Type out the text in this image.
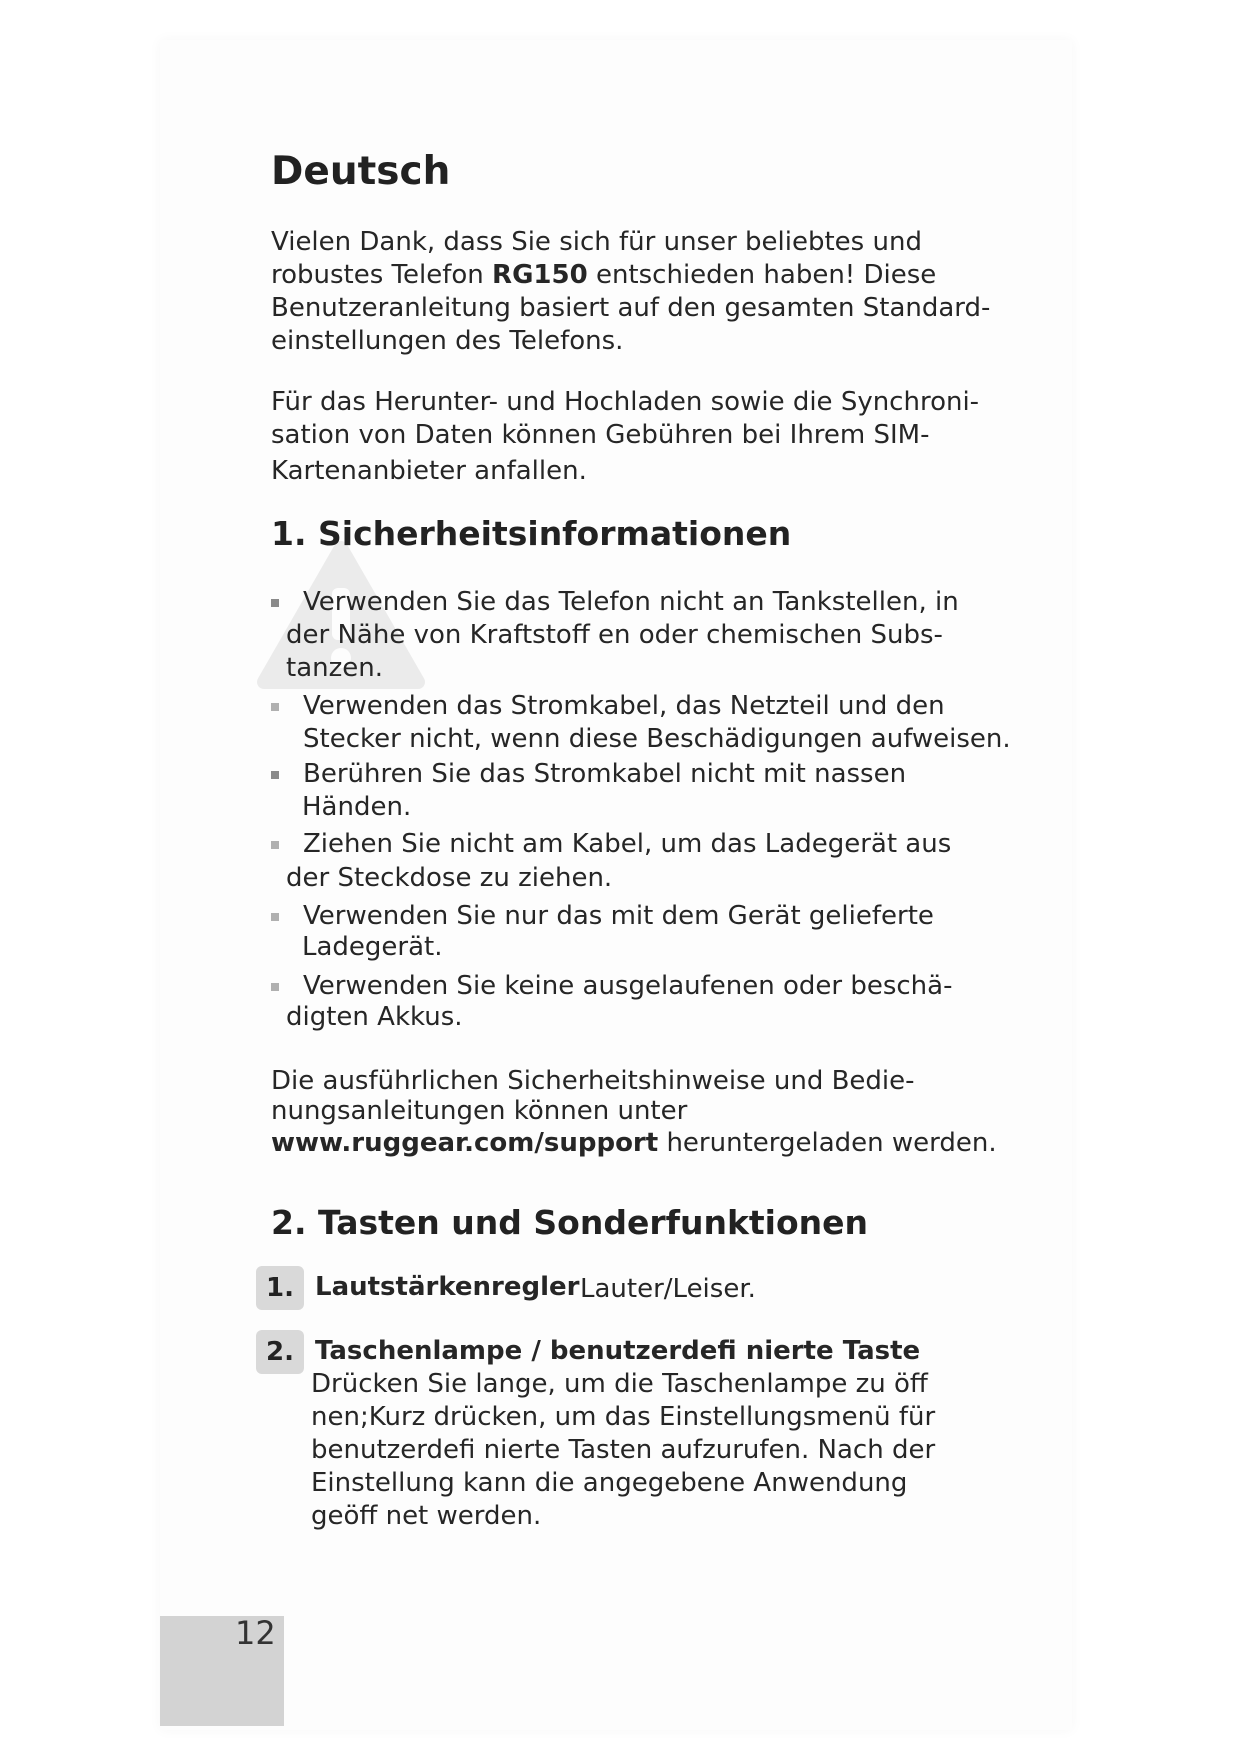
Deutsch

Vielen Dank, dass Sie sich für unser beliebtes und
robustes Telefon RG150 entschieden haben! Diese
Benutzeranleitung basiert auf den gesamten Standard-
einstellungen des Telefons.

Für das Herunter- und Hochladen sowie die Synchroni-
sation von Daten können Gebühren bei Ihrem SIM-
Kartenanbieter anfallen.

1. Sicherheitsinformationen
Verwenden Sie das Telefon nicht an Tankstellen, in
der Nähe von Kraftstoff en oder chemischen Subs-
tanzen.
Verwenden das Stromkabel, das Netzteil und den
Stecker nicht, wenn diese Beschädigungen aufweisen.
Berühren Sie das Stromkabel nicht mit nassen
Händen.
Ziehen Sie nicht am Kabel, um das Ladegerät aus
der Steckdose zu ziehen.
Verwenden Sie nur das mit dem Gerät gelieferte
Ladegerät.
Verwenden Sie keine ausgelaufenen oder beschä-
digten Akkus.

Die ausführlichen Sicherheitshinweise und Bedie-
nungsanleitungen können unter
www.ruggear.com/support heruntergeladen werden.

2. Tasten und Sonderfunktionen
1. Lautstärkenregler Lauter/Leiser.
2. Taschenlampe / benutzerdefi nierte Taste

Drücken Sie lange, um die Taschenlampe zu öff
nen;Kurz drücken, um das Einstellungsmenü für
benutzerdefi nierte Tasten aufzurufen. Nach der
Einstellung kann die angegebene Anwendung
geöff net werden.

12
